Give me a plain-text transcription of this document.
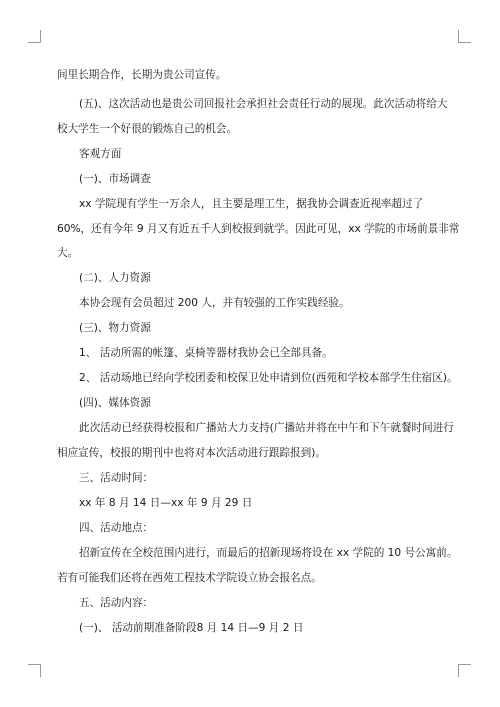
间里长期合作，长期为贵公司宣传。
(五)、这次活动也是贵公司回报社会承担社会责任行动的展现。此次活动将给大
校大学生一个好很的锻炼自己的机会。
客观方面
(一)、市场调查
xx 学院现有学生一万余人，且主要是理工生，据我协会调查近视率超过了
60%，还有今年 9 月又有近五千人到校报到就学。因此可见，xx 学院的市场前景非常
大。
(二)、人力资源
本协会现有会员超过 200 人，并有较强的工作实践经验。
(三)、物力资源
1、 活动所需的帐篷、桌椅等器材我协会已全部具备。
2、 活动场地已经向学校团委和校保卫处申请到位(西苑和学校本部学生住宿区)。
(四)、媒体资源
此次活动已经获得校报和广播站大力支持(广播站并将在中午和下午就餐时间进行
相应宣传，校报的期刊中也将对本次活动进行跟踪报到)。
三、活动时间：
xx 年 8 月 14 日—xx 年 9 月 29 日
四、活动地点：
招新宣传在全校范围内进行，而最后的招新现场将设在 xx 学院的 10 号公寓前。
若有可能我们还将在西苑工程技术学院设立协会报名点。
五、活动内容：
(一)、 活动前期准备阶段8 月 14 日—9 月 2 日
